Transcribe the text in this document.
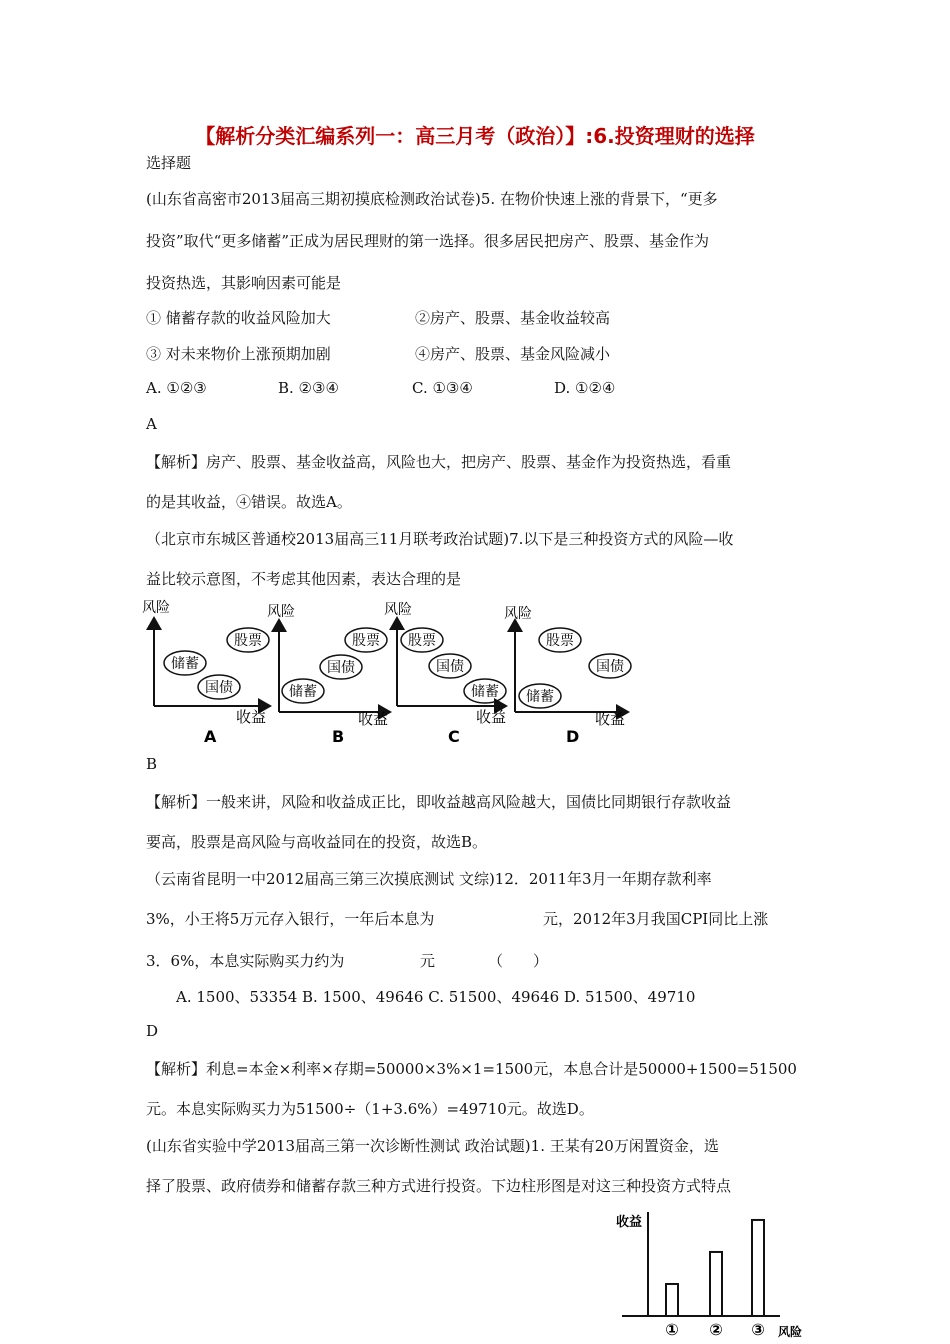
【解析分类汇编系列一：高三月考（政治）】:6.投资理财的选择
选择题
(山东省高密市2013届高三期初摸底检测政治试卷)5. 在物价快速上涨的背景下，“更多
投资”取代“更多储蓄”正成为居民理财的第一选择。很多居民把房产、股票、基金作为
投资热选，其影响因素可能是
① 储蓄存款的收益风险加大	②房产、股票、基金收益较高
③ 对未来物价上涨预期加剧	④房产、股票、基金风险减小
A. ①②③	B. ②③④	C. ①③④	D. ①②④
A
【解析】房产、股票、基金收益高，风险也大，把房产、股票、基金作为投资热选，看重
的是其收益，④错误。故选A。
（北京市东城区普通校2013届高三11月联考政治试题)7.以下是三种投资方式的风险—收
益比较示意图，不考虑其他因素，表达合理的是
风险
收益
A
股票
储蓄
国债
风险
收益
B
股票
国债
储蓄
风险
收益
C
股票
国债
储蓄
风险
收益
D
股票
国债
储蓄
B
【解析】一般来讲，风险和收益成正比，即收益越高风险越大，国债比同期银行存款收益
要高，股票是高风险与高收益同在的投资，故选B。
（云南省昆明一中2012届高三第三次摸底测试 文综)12．2011年3月一年期存款利率
3%，小王将5万元存入银行，一年后本息为	元，2012年3月我国CPI同比上涨
3．6%，本息实际购买力约为	元	（　　）
A. 1500、53354 B. 1500、49646 C. 51500、49646 D. 51500、49710
D
【解析】利息=本金×利率×存期=50000×3%×1=1500元，本息合计是50000+1500=51500
元。本息实际购买力为51500÷（1+3.6%）=49710元。故选D。
(山东省实验中学2013届高三第一次诊断性测试 政治试题)1. 王某有20万闲置资金，选
择了股票、政府债券和储蓄存款三种方式进行投资。下边柱形图是对这三种投资方式特点
收益
风险
① ② ③
